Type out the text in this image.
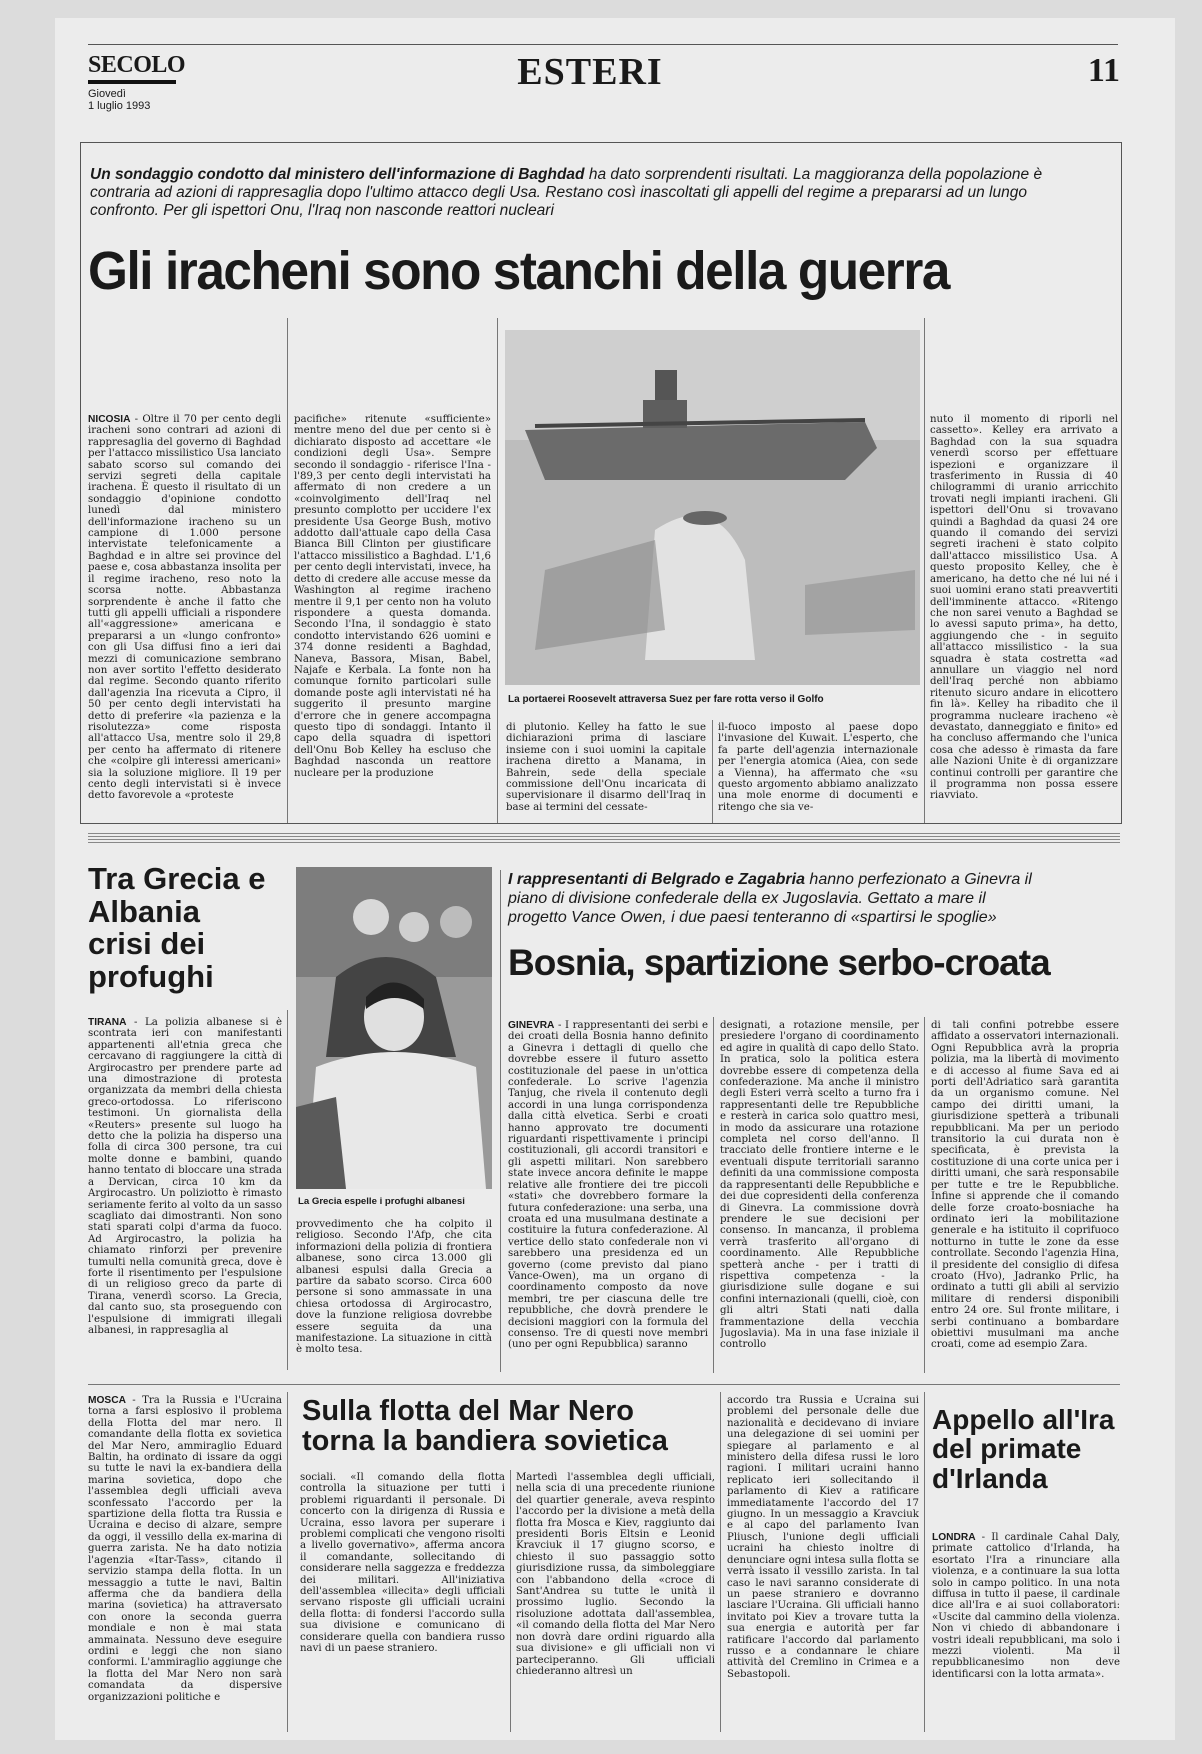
SECOLO
Giovedì
1 luglio 1993
ESTERI	11
Un sondaggio condotto dal ministero dell'informazione di Baghdad ha dato sorprendenti risultati. La maggioranza della popolazione è contraria ad azioni di rappresaglia dopo l'ultimo attacco degli Usa. Restano così inascoltati gli appelli del regime a prepararsi ad un lungo confronto. Per gli ispettori Onu, l'Iraq non nasconde reattori nucleari
Gli iracheni sono stanchi della guerra
NICOSIA - Oltre il 70 per cento degli iracheni sono contrari ad azioni di rappresaglia del governo di Baghdad per l'attacco missilistico Usa lanciato sabato scorso sul comando dei servizi segreti della capitale irachena. È questo il risultato di un sondaggio d'opinione condotto lunedì dal ministero dell'informazione iracheno su un campione di 1.000 persone intervistate telefonicamente a Baghdad e in altre sei province del paese e, cosa abbastanza insolita per il regime iracheno, reso noto la scorsa notte. Abbastanza sorprendente è anche il fatto che tutti gli appelli ufficiali a rispondere all'«aggressione» americana e prepararsi a un «lungo confronto» con gli Usa diffusi fino a ieri dai mezzi di comunicazione sembrano non aver sortito l'effetto desiderato dal regime. Secondo quanto riferito dall'agenzia Ina ricevuta a Cipro, il 50 per cento degli intervistati ha detto di preferire «la pazienza e la risolutezza» come risposta all'attacco Usa, mentre solo il 29,8 per cento ha affermato di ritenere che «colpire gli interessi americani» sia la soluzione migliore. Il 19 per cento degli intervistati si è invece detto favorevole a «proteste
pacifiche» ritenute «sufficiente» mentre meno del due per cento si è dichiarato disposto ad accettare «le condizioni degli Usa». Sempre secondo il sondaggio - riferisce l'Ina - l'89,3 per cento degli intervistati ha affermato di non credere a un «coinvolgimento dell'Iraq nel presunto complotto per uccidere l'ex presidente Usa George Bush, motivo addotto dall'attuale capo della Casa Bianca Bill Clinton per giustificare l'attacco missilistico a Baghdad. L'1,6 per cento degli intervistati, invece, ha detto di credere alle accuse messe da Washington al regime iracheno mentre il 9,1 per cento non ha voluto rispondere a questa domanda. Secondo l'Ina, il sondaggio è stato condotto intervistando 626 uomini e 374 donne residenti a Baghdad, Naneva, Bassora, Misan, Babel, Najafe e Kerbala. La fonte non ha comunque fornito particolari sulle domande poste agli intervistati né ha suggerito il presunto margine d'errore che in genere accompagna questo tipo di sondaggi. Intanto il capo della squadra di ispettori dell'Onu Bob Kelley ha escluso che Baghdad nasconda un reattore nucleare per la produzione
La portaerei Roosevelt attraversa Suez per fare rotta verso il Golfo
di plutonio. Kelley ha fatto le sue dichiarazioni prima di lasciare insieme con i suoi uomini la capitale irachena diretto a Manama, in Bahrein, sede della speciale commissione dell'Onu incaricata di supervisionare il disarmo dell'Iraq in base ai termini del cessate-
il-fuoco imposto al paese dopo l'invasione del Kuwait. L'esperto, che fa parte dell'agenzia internazionale per l'energia atomica (Aiea, con sede a Vienna), ha affermato che «su questo argomento abbiamo analizzato una mole enorme di documenti e ritengo che sia ve-
nuto il momento di riporli nel cassetto». Kelley era arrivato a Baghdad con la sua squadra venerdì scorso per effettuare ispezioni e organizzare il trasferimento in Russia di 40 chilogrammi di uranio arricchito trovati negli impianti iracheni. Gli ispettori dell'Onu si trovavano quindi a Baghdad da quasi 24 ore quando il comando dei servizi segreti iracheni è stato colpito dall'attacco missilistico Usa. A questo proposito Kelley, che è americano, ha detto che né lui né i suoi uomini erano stati preavvertiti dell'imminente attacco. «Ritengo che non sarei venuto a Baghdad se lo avessi saputo prima», ha detto, aggiungendo che - in seguito all'attacco missilistico - la sua squadra è stata costretta «ad annullare un viaggio nel nord dell'Iraq perché non abbiamo ritenuto sicuro andare in elicottero fin là». Kelley ha ribadito che il programma nucleare iracheno «è devastato, danneggiato e finito» ed ha concluso affermando che l'unica cosa che adesso è rimasta da fare alle Nazioni Unite è di organizzare continui controlli per garantire che il programma non possa essere riavviato.
Tra Grecia e Albania crisi dei profughi
La Grecia espelle i profughi albanesi
TIRANA - La polizia albanese si è scontrata ieri con manifestanti appartenenti all'etnia greca che cercavano di raggiungere la città di Argirocastro per prendere parte ad una dimostrazione di protesta organizzata da membri della chiesta greco-ortodossa. Lo riferiscono testimoni. Un giornalista della «Reuters» presente sul luogo ha detto che la polizia ha disperso una folla di circa 300 persone, tra cui molte donne e bambini, quando hanno tentato di bloccare una strada a Dervican, circa 10 km da Argirocastro. Un poliziotto è rimasto seriamente ferito al volto da un sasso scagliato dai dimostranti. Non sono stati sparati colpi d'arma da fuoco. Ad Argirocastro, la polizia ha chiamato rinforzi per prevenire tumulti nella comunità greca, dove è forte il risentimento per l'espulsione di un religioso greco da parte di Tirana, venerdì scorso. La Grecia, dal canto suo, sta proseguendo con l'espulsione di immigrati illegali albanesi, in rappresaglia al
provvedimento che ha colpito il religioso. Secondo l'Afp, che cita informazioni della polizia di frontiera albanese, sono circa 13.000 gli albanesi espulsi dalla Grecia a partire da sabato scorso. Circa 600 persone si sono ammassate in una chiesa ortodossa di Argirocastro, dove la funzione religiosa dovrebbe essere seguita da una manifestazione. La situazione in città è molto tesa.
I rappresentanti di Belgrado e Zagabria hanno perfezionato a Ginevra il piano di divisione confederale della ex Jugoslavia. Gettato a mare il progetto Vance Owen, i due paesi tenteranno di «spartirsi le spoglie»
Bosnia, spartizione serbo-croata
GINEVRA - I rappresentanti dei serbi e dei croati della Bosnia hanno definito a Ginevra i dettagli di quello che dovrebbe essere il futuro assetto costituzionale del paese in un'ottica confederale. Lo scrive l'agenzia Tanjug, che rivela il contenuto degli accordi in una lunga corrispondenza dalla città elvetica. Serbi e croati hanno approvato tre documenti riguardanti rispettivamente i principi costituzionali, gli accordi transitori e gli aspetti militari. Non sarebbero state invece ancora definite le mappe relative alle frontiere dei tre piccoli «stati» che dovrebbero formare la futura confederazione: una serba, una croata ed una musulmana destinate a costituire la futura confederazione. Al vertice dello stato confederale non vi sarebbero una presidenza ed un governo (come previsto dal piano Vance-Owen), ma un organo di coordinamento composto da nove membri, tre per ciascuna delle tre repubbliche, che dovrà prendere le decisioni maggiori con la formula del consenso. Tre di questi nove membri (uno per ogni Repubblica) saranno
designati, a rotazione mensile, per presiedere l'organo di coordinamento ed agire in qualità di capo dello Stato. In pratica, solo la politica estera dovrebbe essere di competenza della confederazione. Ma anche il ministro degli Esteri verrà scelto a turno fra i rappresentanti delle tre Repubbliche e resterà in carica solo quattro mesi, in modo da assicurare una rotazione completa nel corso dell'anno. Il tracciato delle frontiere interne e le eventuali dispute territoriali saranno definiti da una commissione composta da rappresentanti delle Repubbliche e dei due copresidenti della conferenza di Ginevra. La commissione dovrà prendere le sue decisioni per consenso. In mancanza, il problema verrà trasferito all'organo di coordinamento. Alle Repubbliche spetterà anche - per i tratti di rispettiva competenza - la giurisdizione sulle dogane e sui confini internazionali (quelli, cioè, con gli altri Stati nati dalla frammentazione della vecchia Jugoslavia). Ma in una fase iniziale il controllo
di tali confini potrebbe essere affidato a osservatori internazionali. Ogni Repubblica avrà la propria polizia, ma la libertà di movimento e di accesso al fiume Sava ed ai porti dell'Adriatico sarà garantita da un organismo comune. Nel campo dei diritti umani, la giurisdizione spetterà a tribunali repubblicani. Ma per un periodo transitorio la cui durata non è specificata, è prevista la costituzione di una corte unica per i diritti umani, che sarà responsabile per tutte e tre le Repubbliche. Infine si apprende che il comando delle forze croato-bosniache ha ordinato ieri la mobilitazione generale e ha istituito il coprifuoco notturno in tutte le zone da esse controllate. Secondo l'agenzia Hina, il presidente del consiglio di difesa croato (Hvo), Jadranko Prlic, ha ordinato a tutti gli abili al servizio militare di rendersi disponibili entro 24 ore. Sul fronte militare, i serbi continuano a bombardare obiettivi musulmani ma anche croati, come ad esempio Zara.
MOSCA - Tra la Russia e l'Ucraina torna a farsi esplosivo il problema della Flotta del mar nero. Il comandante della flotta ex sovietica del Mar Nero, ammiraglio Eduard Baltin, ha ordinato di issare da oggi su tutte le navi la ex-bandiera della marina sovietica, dopo che l'assemblea degli ufficiali aveva sconfessato l'accordo per la spartizione della flotta tra Russia e Ucraina e deciso di alzare, sempre da oggi, il vessillo della ex-marina di guerra zarista. Ne ha dato notizia l'agenzia «Itar-Tass», citando il servizio stampa della flotta. In un messaggio a tutte le navi, Baltin afferma che da bandiera della marina (sovietica) ha attraversato con onore la seconda guerra mondiale e non è mai stata ammainata. Nessuno deve eseguire ordini e leggi che non siano conformi. L'ammiraglio aggiunge che la flotta del Mar Nero non sarà comandata da dispersive organizzazioni politiche e
Sulla flotta del Mar Nero torna la bandiera sovietica
sociali. «Il comando della flotta controlla la situazione per tutti i problemi riguardanti il personale. Di concerto con la dirigenza di Russia e Ucraina, esso lavora per superare i problemi complicati che vengono risolti a livello governativo», afferma ancora il comandante, sollecitando di considerare nella saggezza e freddezza dei militari. All'iniziativa dell'assemblea «illecita» degli ufficiali servano risposte gli ufficiali ucraini della flotta: di fondersi l'accordo sulla sua divisione e comunicano di considerare quella con bandiera russo navi di un paese straniero.
Martedì l'assemblea degli ufficiali, nella scia di una precedente riunione del quartier generale, aveva respinto l'accordo per la divisione a metà della flotta fra Mosca e Kiev, raggiunto dai presidenti Boris Eltsin e Leonid Kravciuk il 17 giugno scorso, e chiesto il suo passaggio sotto giurisdizione russa, da simboleggiare con l'abbandono della «croce di Sant'Andrea su tutte le unità il prossimo luglio. Secondo la risoluzione adottata dall'assemblea, «il comando della flotta del Mar Nero non dovrà dare ordini riguardo alla sua divisione» e gli ufficiali non vi parteciperanno. Gli ufficiali chiederanno altresì un
accordo tra Russia e Ucraina sui problemi del personale delle due nazionalità e decidevano di inviare una delegazione di sei uomini per spiegare al parlamento e al ministero della difesa russi le loro ragioni. I militari ucraini hanno replicato ieri sollecitando il parlamento di Kiev a ratificare immediatamente l'accordo del 17 giugno. In un messaggio a Kravciuk e al capo del parlamento Ivan Pliusch, l'unione degli ufficiali ucraini ha chiesto inoltre di denunciare ogni intesa sulla flotta se verrà issato il vessillo zarista. In tal caso le navi saranno considerate di un paese straniero e dovranno lasciare l'Ucraina. Gli ufficiali hanno invitato poi Kiev a trovare tutta la sua energia e autorità per far ratificare l'accordo dal parlamento russo e a condannare le chiare attività del Cremlino in Crimea e a Sebastopoli.
Appello all'Ira del primate d'Irlanda
LONDRA - Il cardinale Cahal Daly, primate cattolico d'Irlanda, ha esortato l'Ira a rinunciare alla violenza, e a continuare la sua lotta solo in campo politico. In una nota diffusa in tutto il paese, il cardinale dice all'Ira e ai suoi collaboratori: «Uscite dal cammino della violenza. Non vi chiedo di abbandonare i vostri ideali repubblicani, ma solo i mezzi violenti. Ma il repubblicanesimo non deve identificarsi con la lotta armata».
